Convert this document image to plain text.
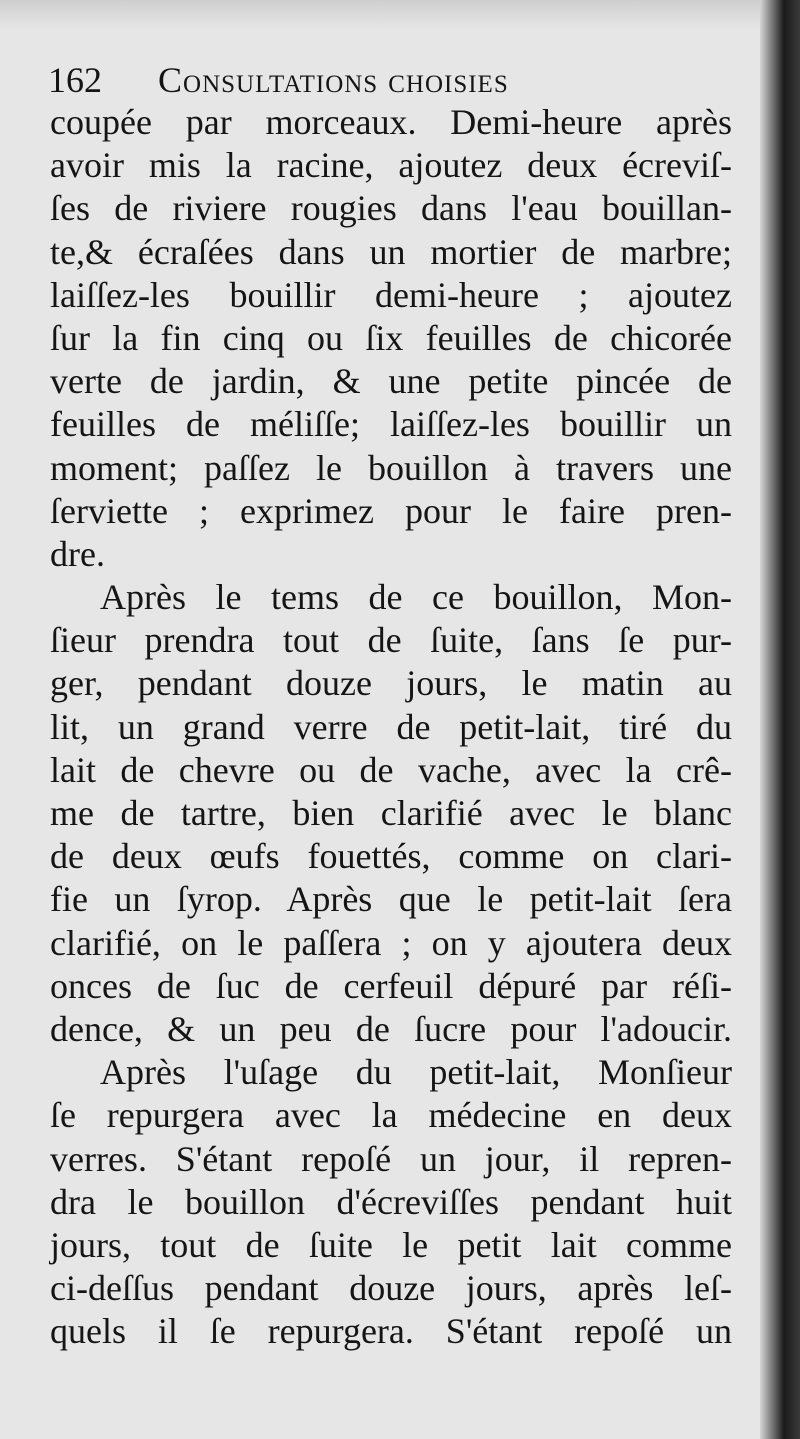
162 Consultations choisies
coupée par morceaux. Demi-heure après
avoir mis la racine, ajoutez deux écreviſ-
ſes de riviere rougies dans l'eau bouillan-
te,& écraſées dans un mortier de marbre;
laiſſez-les bouillir demi-heure ; ajoutez
ſur la fin cinq ou ſix feuilles de chicorée
verte de jardin, & une petite pincée de
feuilles de méliſſe; laiſſez-les bouillir un
moment; paſſez le bouillon à travers une
ſerviette ; exprimez pour le faire pren-
dre.
Après le tems de ce bouillon, Mon-
ſieur prendra tout de ſuite, ſans ſe pur-
ger, pendant douze jours, le matin au
lit, un grand verre de petit-lait, tiré du
lait de chevre ou de vache, avec la crê-
me de tartre, bien clarifié avec le blanc
de deux œufs fouettés, comme on clari-
fie un ſyrop. Après que le petit-lait ſera
clarifié, on le paſſera ; on y ajoutera deux
onces de ſuc de cerfeuil dépuré par réſi-
dence, & un peu de ſucre pour l'adoucir.
Après l'uſage du petit-lait, Monſieur
ſe repurgera avec la médecine en deux
verres. S'étant repoſé un jour, il repren-
dra le bouillon d'écreviſſes pendant huit
jours, tout de ſuite le petit lait comme
ci-deſſus pendant douze jours, après leſ-
quels il ſe repurgera. S'étant repoſé un
